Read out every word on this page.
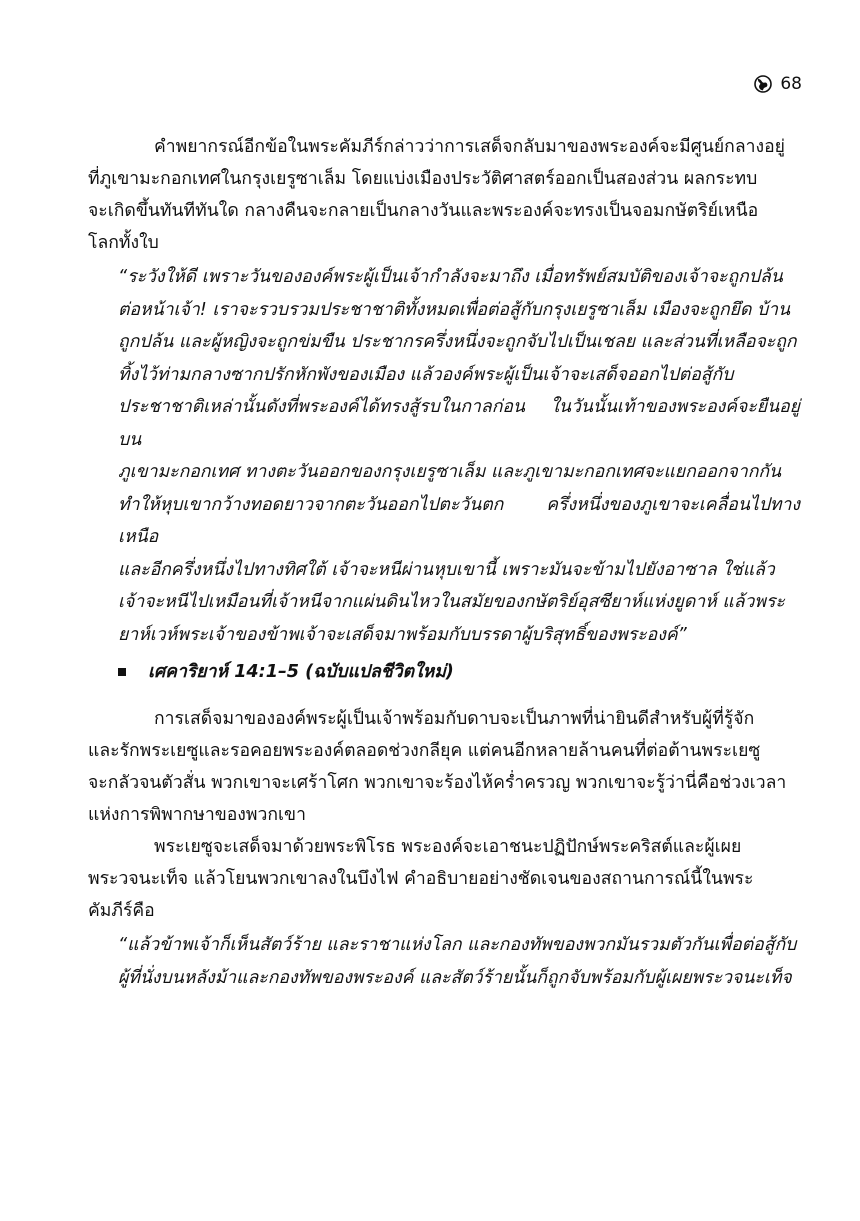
68

คำพยากรณ์อีกข้อในพระคัมภีร์กล่าวว่าการเสด็จกลับมาของพระองค์จะมีศูนย์กลางอยู่
ที่ภูเขามะกอกเทศในกรุงเยรูซาเล็ม โดยแบ่งเมืองประวัติศาสตร์ออกเป็นสองส่วน ผลกระทบ
จะเกิดขึ้นทันทีทันใด กลางคืนจะกลายเป็นกลางวันและพระองค์จะทรงเป็นจอมกษัตริย์เหนือ
โลกทั้งใบ

“ระวังให้ดี เพราะวันขององค์พระผู้เป็นเจ้ากำลังจะมาถึง เมื่อทรัพย์สมบัติของเจ้าจะถูกปล้น
ต่อหน้าเจ้า! เราจะรวบรวมประชาชาติทั้งหมดเพื่อต่อสู้กับกรุงเยรูซาเล็ม เมืองจะถูกยึด บ้าน
ถูกปล้น และผู้หญิงจะถูกข่มขืน ประชากรครึ่งหนึ่งจะถูกจับไปเป็นเชลย และส่วนที่เหลือจะถูก
ทิ้งไว้ท่ามกลางซากปรักหักพังของเมือง แล้วองค์พระผู้เป็นเจ้าจะเสด็จออกไปต่อสู้กับ
ประชาชาติเหล่านั้นดังที่พระองค์ได้ทรงสู้รบในกาลก่อน ในวันนั้นเท้าของพระองค์จะยืนอยู่บน
ภูเขามะกอกเทศ ทางตะวันออกของกรุงเยรูซาเล็ม และภูเขามะกอกเทศจะแยกออกจากกัน
ทำให้หุบเขากว้างทอดยาวจากตะวันออกไปตะวันตก ครึ่งหนึ่งของภูเขาจะเคลื่อนไปทางเหนือ
และอีกครึ่งหนึ่งไปทางทิศใต้ เจ้าจะหนีผ่านหุบเขานี้ เพราะมันจะข้ามไปยังอาซาล ใช่แล้ว
เจ้าจะหนีไปเหมือนที่เจ้าหนีจากแผ่นดินไหวในสมัยของกษัตริย์อุสซียาห์แห่งยูดาห์ แล้วพระ
ยาห์เวห์พระเจ้าของข้าพเจ้าจะเสด็จมาพร้อมกับบรรดาผู้บริสุทธิ์ของพระองค์”

เศคาริยาห์ 14:1–5 (ฉบับแปลชีวิตใหม่)

การเสด็จมาขององค์พระผู้เป็นเจ้าพร้อมกับดาบจะเป็นภาพที่น่ายินดีสำหรับผู้ที่รู้จัก
และรักพระเยซูและรอคอยพระองค์ตลอดช่วงกลียุค แต่คนอีกหลายล้านคนที่ต่อต้านพระเยซู
จะกลัวจนตัวสั่น พวกเขาจะเศร้าโศก พวกเขาจะร้องไห้คร่ำครวญ พวกเขาจะรู้ว่านี่คือช่วงเวลา
แห่งการพิพากษาของพวกเขา

พระเยซูจะเสด็จมาด้วยพระพิโรธ พระองค์จะเอาชนะปฏิปักษ์พระคริสต์และผู้เผย
พระวจนะเท็จ แล้วโยนพวกเขาลงในบึงไฟ คำอธิบายอย่างชัดเจนของสถานการณ์นี้ในพระ
คัมภีร์คือ

“แล้วข้าพเจ้าก็เห็นสัตว์ร้าย และราชาแห่งโลก และกองทัพของพวกมันรวมตัวกันเพื่อต่อสู้กับ
ผู้ที่นั่งบนหลังม้าและกองทัพของพระองค์ และสัตว์ร้ายนั้นก็ถูกจับพร้อมกับผู้เผยพระวจนะเท็จ
